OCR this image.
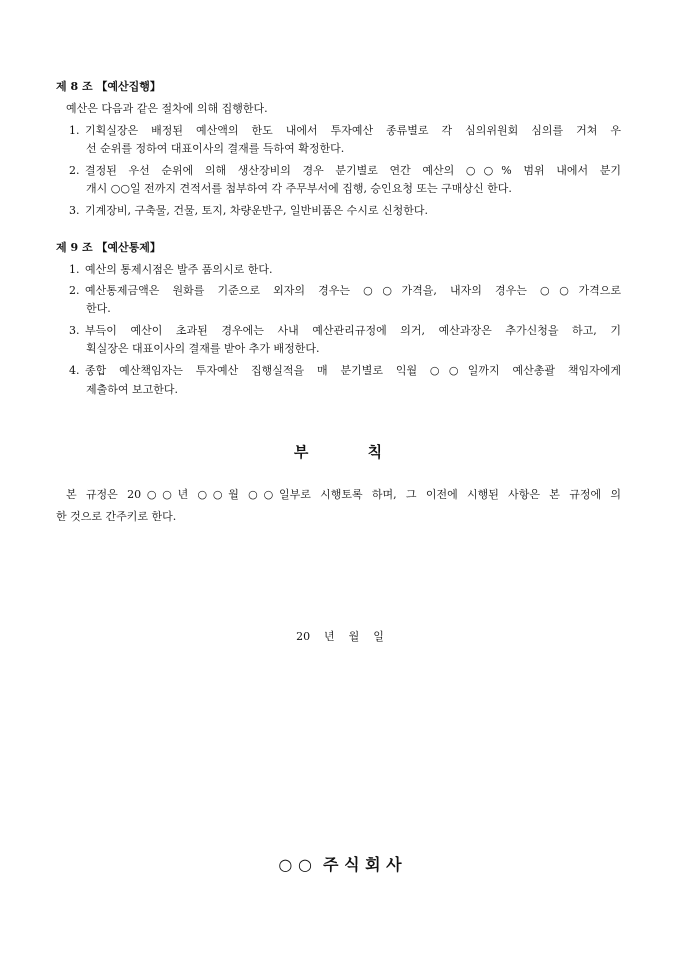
제 8 조 【예산집행】
예산은 다음과 같은 절차에 의해 집행한다.
1. 기획실장은 배정된 예산액의 한도 내에서 투자예산 종류별로 각 심의위원회 심의를 거쳐 우
선 순위를 정하여 대표이사의 결재를 득하여 확정한다.
2. 결정된 우선 순위에 의해 생산장비의 경우 분기별로 연간 예산의 ○○% 범위 내에서 분기
개시 ○○일 전까지 견적서를 첨부하여 각 주무부서에 집행, 승인요청 또는 구매상신 한다.
3. 기계장비, 구축물, 건물, 토지, 차량운반구, 일반비품은 수시로 신청한다.
제 9 조 【예산통제】
1. 예산의 통제시점은 발주 품의시로 한다.
2. 예산통제금액은 원화를 기준으로 외자의 경우는 ○○가격을, 내자의 경우는 ○○가격으로
한다.
3. 부득이 예산이 초과된 경우에는 사내 예산관리규정에 의거, 예산과장은 추가신청을 하고, 기
획실장은 대표이사의 결재를 받아 추가 배정한다.
4. 종합 예산책임자는 투자예산 집행실적을 매 분기별로 익월 ○○일까지 예산총괄 책임자에게
제출하여 보고한다.
부      칙
본 규정은 20○○년 ○○월 ○○일부로 시행토록 하며, 그 이전에 시행된 사항은 본 규정에 의
한 것으로 간주키로 한다.
20    년    월    일
○ ○  주 식 회 사
